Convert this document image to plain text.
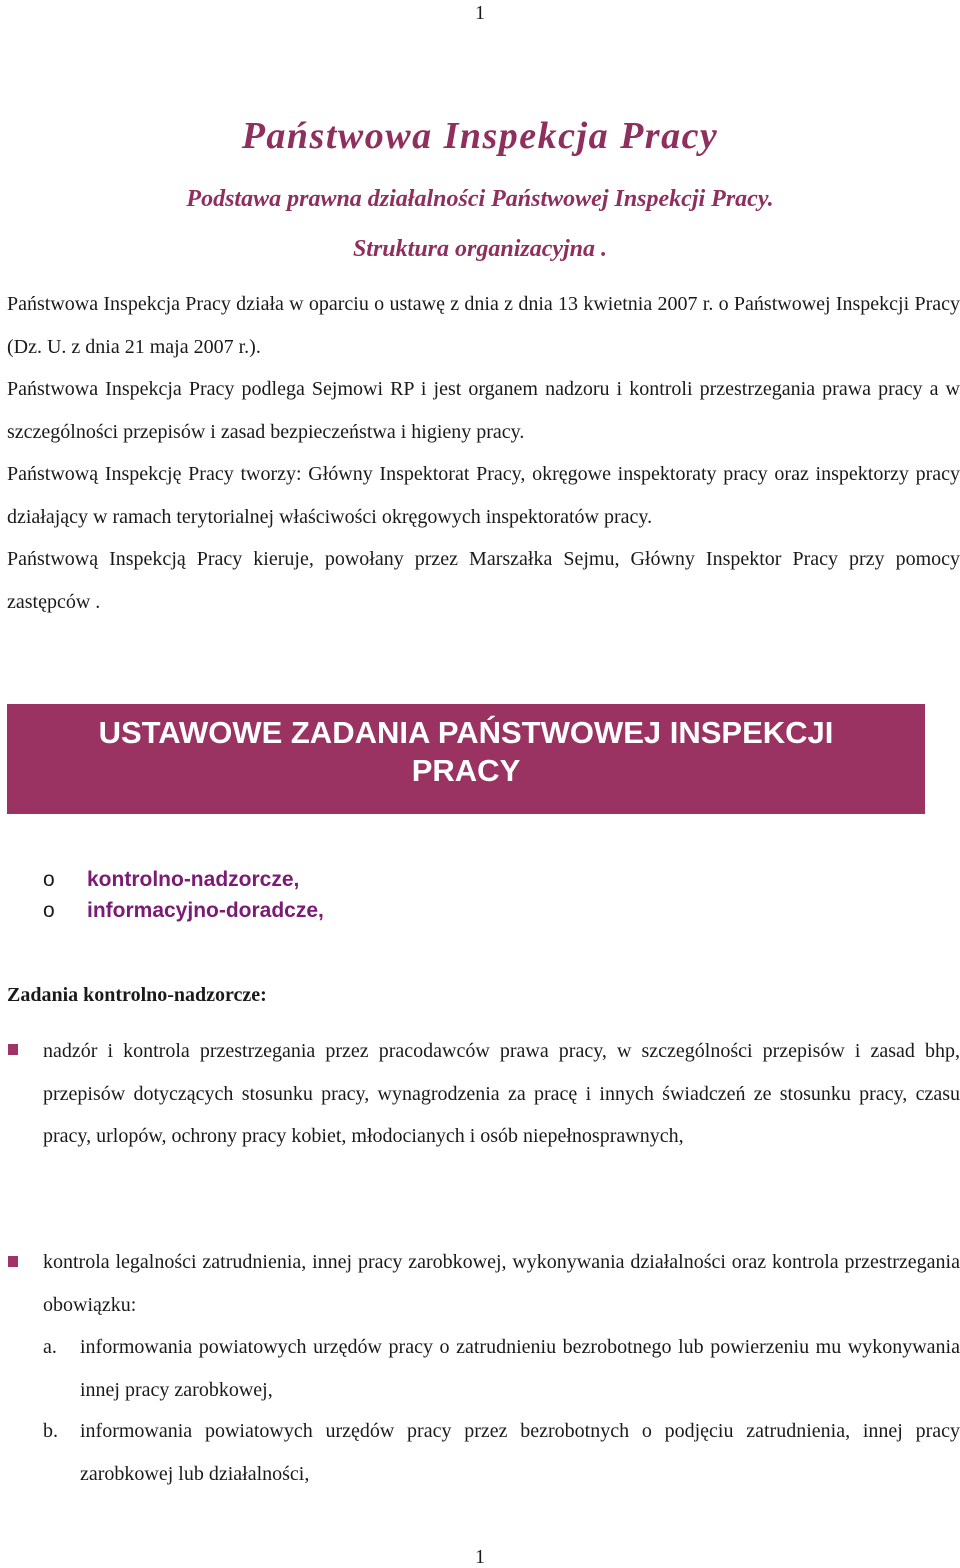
1
Państwowa Inspekcja Pracy
Podstawa prawna działalności Państwowej Inspekcji Pracy.
Struktura organizacyjna .

Państwowa Inspekcja Pracy działa w oparciu o ustawę z dnia z dnia 13 kwietnia 2007 r. o Państwowej Inspekcji Pracy (Dz. U. z dnia 21 maja 2007 r.).

Państwowa Inspekcja Pracy podlega Sejmowi RP i jest organem nadzoru i kontroli przestrzegania prawa pracy a w szczególności przepisów i zasad bezpieczeństwa i higieny pracy.

Państwową Inspekcję Pracy tworzy: Główny Inspektorat Pracy, okręgowe inspektoraty pracy oraz inspektorzy pracy działający w ramach terytorialnej właściwości okręgowych inspektoratów pracy.

Państwową Inspekcją Pracy kieruje, powołany przez Marszałka Sejmu, Główny Inspektor Pracy przy pomocy zastępców .

USTAWOWE ZADANIA PAŃSTWOWEJ INSPEKCJI
PRACY
o kontrolno-nadzorcze,
o informacyjno-doradcze,
Zadania kontrolno-nadzorcze:
nadzór i kontrola przestrzegania przez pracodawców prawa pracy, w szczególności przepisów i zasad bhp, przepisów dotyczących stosunku pracy, wynagrodzenia za pracę i innych świadczeń ze stosunku pracy, czasu pracy, urlopów, ochrony pracy kobiet, młodocianych i osób niepełnosprawnych,
kontrola legalności zatrudnienia, innej pracy zarobkowej, wykonywania działalności oraz kontrola przestrzegania obowiązku:
a. informowania powiatowych urzędów pracy o zatrudnieniu bezrobotnego lub powierzeniu mu wykonywania innej pracy zarobkowej,
b. informowania powiatowych urzędów pracy przez bezrobotnych o podjęciu zatrudnienia, innej pracy zarobkowej lub działalności,
1
